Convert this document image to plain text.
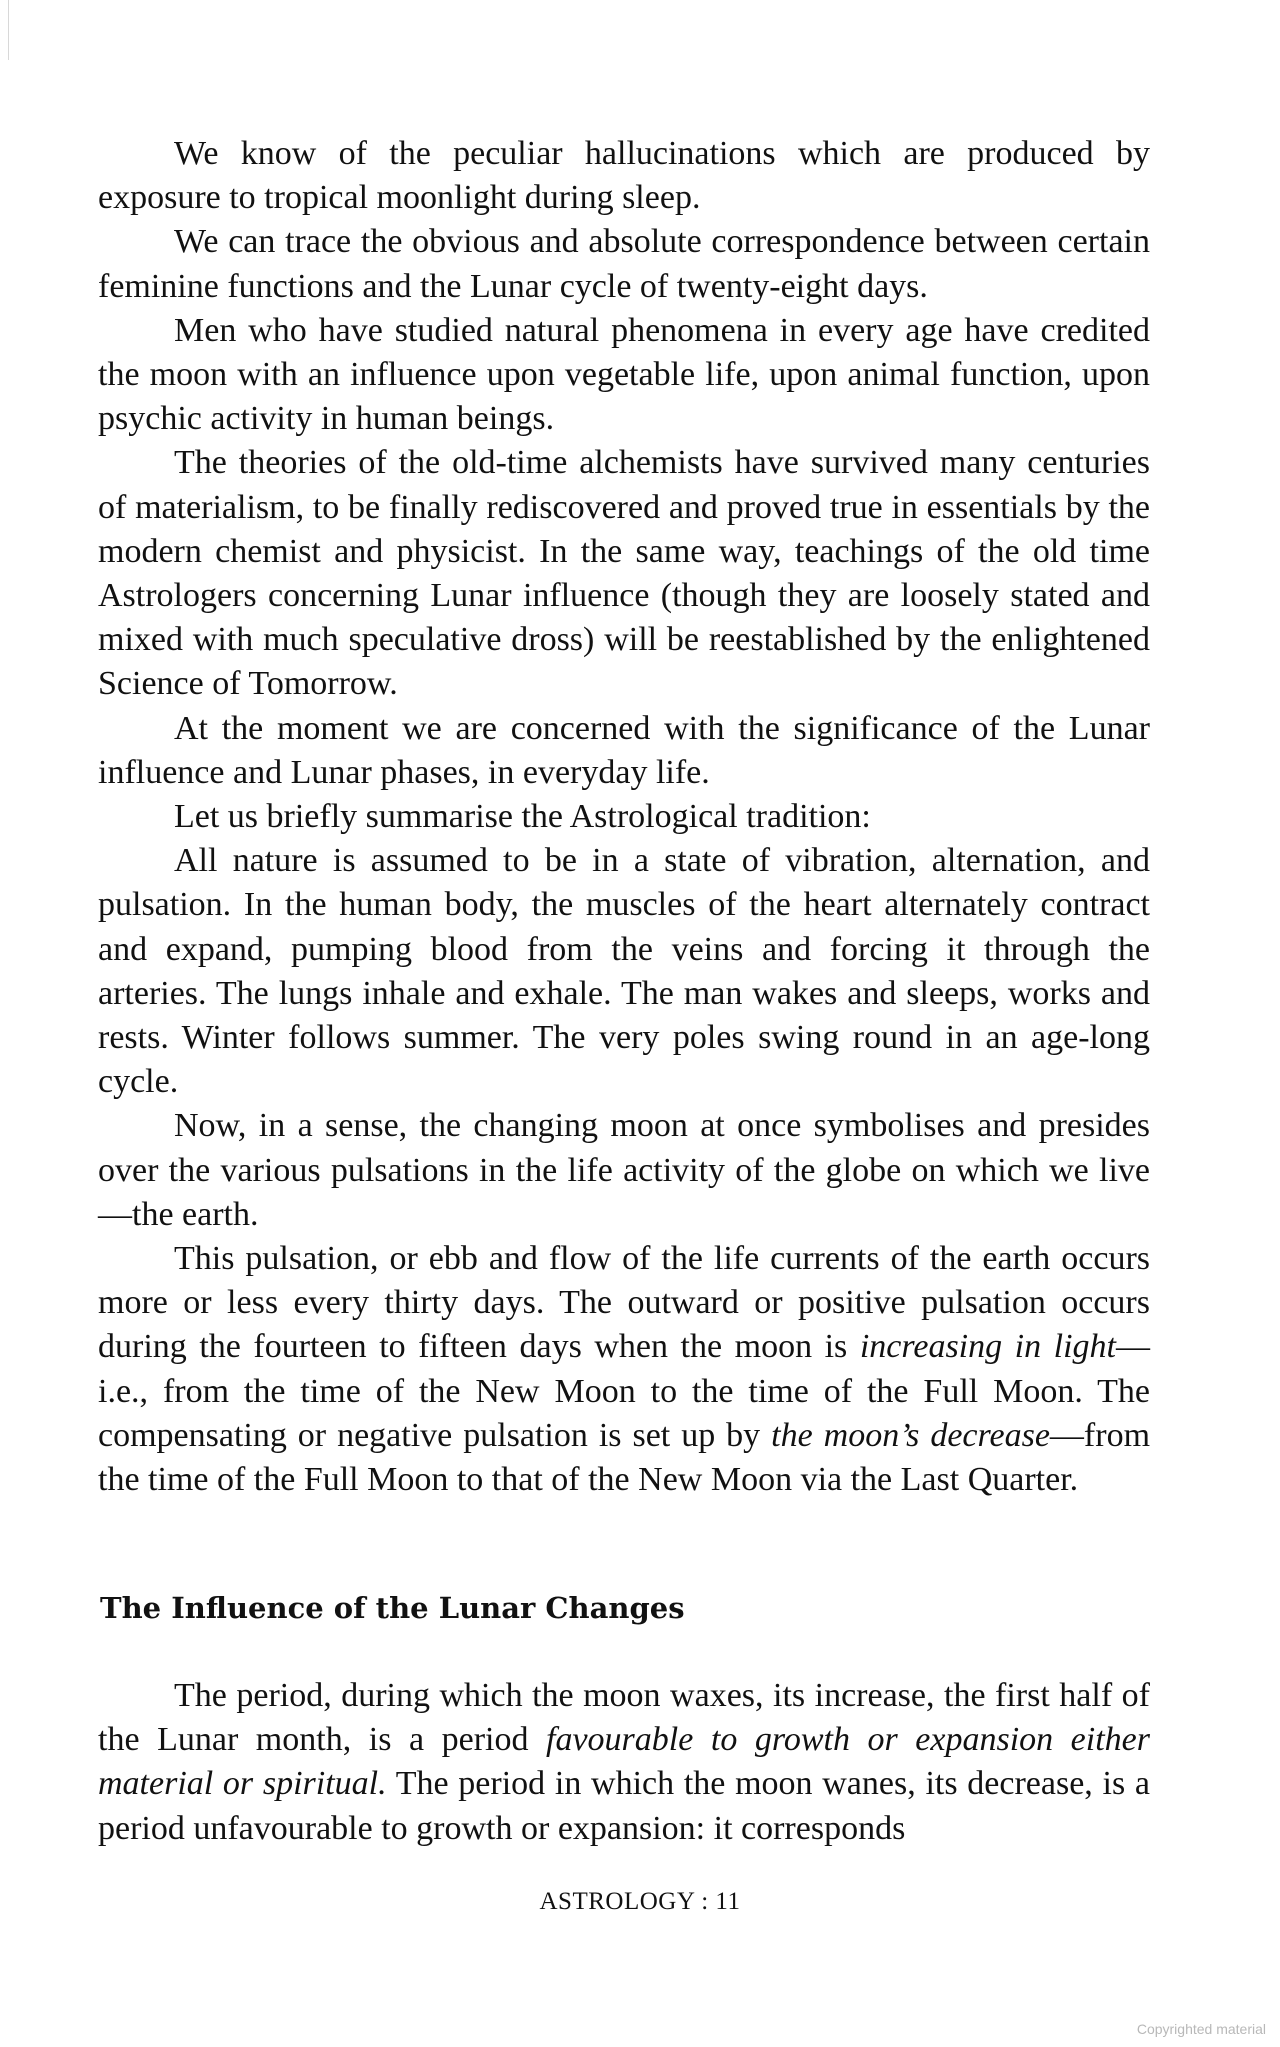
We know of the peculiar hallucinations which are produced by exposure to tropical moonlight during sleep.

We can trace the obvious and absolute correspondence between certain feminine functions and the Lunar cycle of twenty-eight days.

Men who have studied natural phenomena in every age have credited the moon with an influence upon vegetable life, upon animal function, upon psychic activity in human beings.

The theories of the old-time alchemists have survived many centuries of materialism, to be finally rediscovered and proved true in essentials by the modern chemist and physicist. In the same way, teachings of the old time Astrologers concerning Lunar influence (though they are loosely stated and mixed with much speculative dross) will be reestablished by the enlightened Science of Tomorrow.

At the moment we are concerned with the significance of the Lunar influence and Lunar phases, in everyday life.

Let us briefly summarise the Astrological tradition:

All nature is assumed to be in a state of vibration, alternation, and pulsation. In the human body, the muscles of the heart alternately contract and expand, pumping blood from the veins and forcing it through the arteries. The lungs inhale and exhale. The man wakes and sleeps, works and rests. Winter follows summer. The very poles swing round in an age-long cycle.

Now, in a sense, the changing moon at once symbolises and presides over the various pulsations in the life activity of the globe on which we live—the earth.

This pulsation, or ebb and flow of the life currents of the earth occurs more or less every thirty days. The outward or positive pulsation occurs during the fourteen to fifteen days when the moon is increasing in light—i.e., from the time of the New Moon to the time of the Full Moon. The compensating or negative pulsation is set up by the moon’s decrease—from the time of the Full Moon to that of the New Moon via the Last Quarter.

The Influence of the Lunar Changes

The period, during which the moon waxes, its increase, the first half of the Lunar month, is a period favourable to growth or expansion either material or spiritual. The period in which the moon wanes, its decrease, is a period unfavourable to growth or expansion: it corresponds

ASTROLOGY : 11
Copyrighted material
